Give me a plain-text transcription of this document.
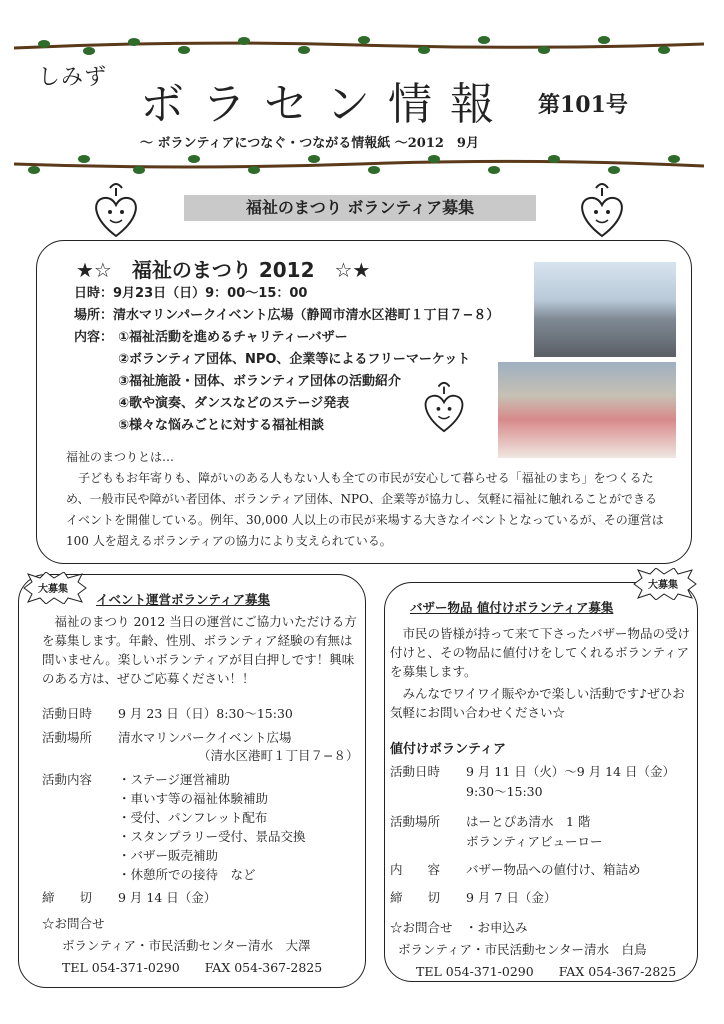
しみず
ボラセン情報 第101号
～ ボランティアにつなぐ・つながる情報紙 ～2012　9月
福祉のまつり ボランティア募集
★☆　福祉のまつり 2012　☆★
日時：9月23日（日）9：00～15：00
場所：清水マリンパークイベント広場（静岡市清水区港町１丁目７−８）
内容： ①福祉活動を進めるチャリティーバザー
②ボランティア団体、NPO、企業等によるフリーマーケット
③福祉施設・団体、ボランティア団体の活動紹介
④歌や演奏、ダンスなどのステージ発表
⑤様々な悩みごとに対する福祉相談
福祉のまつりとは…
子どももお年寄りも、障がいのある人もない人も全ての市民が安心して暮らせる「福祉のまち」をつくるため、一般市民や障がい者団体、ボランティア団体、NPO、企業等が協力し、気軽に福祉に触れることができるイベントを開催している。例年、30,000 人以上の市民が来場する大きなイベントとなっているが、その運営は 100 人を超えるボランティアの協力により支えられている。
大募集
イベント運営ボランティア募集
福祉のまつり 2012 当日の運営にご協力いただける方を募集します。年齢、性別、ボランティア経験の有無は問いません。楽しいボランティアが目白押しです！興味のある方は、ぜひご応募ください！！
活動日時 9 月 23 日（日）8:30～15:30
活動場所 清水マリンパークイベント広場
（清水区港町１丁目７−８）
活動内容 ・ステージ運営補助
・車いす等の福祉体験補助
・受付、パンフレット配布
・スタンプラリー受付、景品交換
・バザー販売補助
・休憩所での接待　など
締　　切 9 月 14 日（金）
☆お問合せ
ボランティア・市民活動センター清水　大澤
TEL 054-371-0290　　FAX 054-367-2825
大募集
バザー物品 値付けボランティア募集
市民の皆様が持って来て下さったバザー物品の受け付けと、その物品に値付けをしてくれるボランティアを募集します。
みんなでワイワイ賑やかで楽しい活動です♪ぜひお気軽にお問い合わせください☆
値付けボランティア
活動日時 9 月 11 日（火）～9 月 14 日（金）
9:30～15:30
活動場所 はーとぴあ清水　1 階
ボランティアビューロー
内　　容 バザー物品への値付け、箱詰め
締　　切 9 月 7 日（金）
☆お問合せ　・お申込み
ボランティア・市民活動センター清水　白鳥
TEL 054-371-0290　　FAX 054-367-2825
